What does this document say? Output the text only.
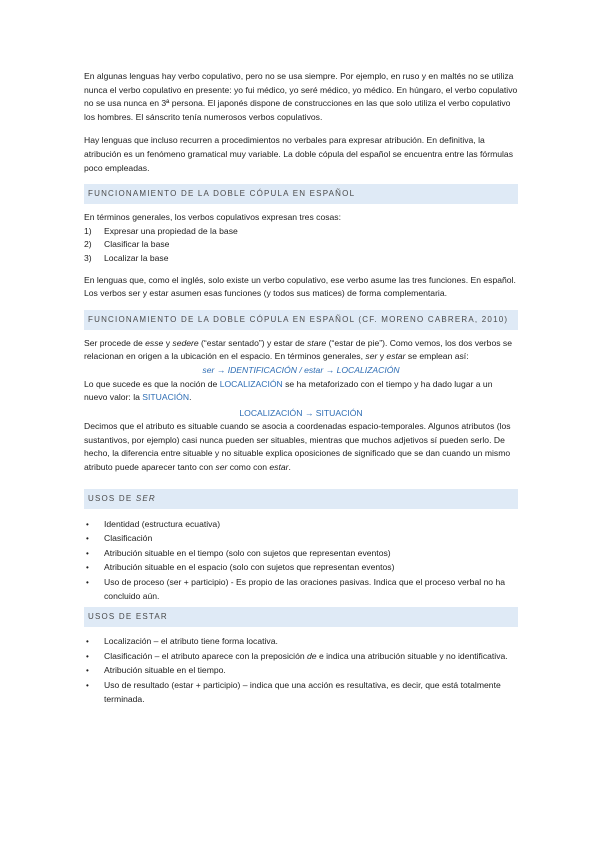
En algunas lenguas hay verbo copulativo, pero no se usa siempre. Por ejemplo, en ruso y en maltés no se utiliza nunca el verbo copulativo en presente: yo fui médico, yo seré médico, yo médico. En húngaro, el verbo copulativo no se usa nunca en 3ª persona. El japonés dispone de construcciones en las que solo utiliza el verbo copulativo los hombres. El sánscrito tenía numerosos verbos copulativos.

Hay lenguas que incluso recurren a procedimientos no verbales para expresar atribución. En definitiva, la atribución es un fenómeno gramatical muy variable. La doble cópula del español se encuentra entre las fórmulas poco empleadas.

FUNCIONAMIENTO DE LA DOBLE CÓPULA EN ESPAÑOL

En términos generales, los verbos copulativos expresan tres cosas:

1) Expresar una propiedad de la base
2) Clasificar la base
3) Localizar la base

En lenguas que, como el inglés, solo existe un verbo copulativo, ese verbo asume las tres funciones. En español. Los verbos ser y estar asumen esas funciones (y todos sus matices) de forma complementaria.

FUNCIONAMIENTO DE LA DOBLE CÓPULA EN ESPAÑOL (CF. MORENO CABRERA, 2010)

Ser procede de esse y sedere (“estar sentado”) y estar de stare (“estar de pie”). Como vemos, los dos verbos se relacionan en origen a la ubicación en el espacio. En términos generales, ser y estar se emplean así:

ser → IDENTIFICACIÓN / estar → LOCALIZACIÓN

Lo que sucede es que la noción de LOCALIZACIÓN se ha metaforizado con el tiempo y ha dado lugar a un nuevo valor: la SITUACIÓN.

LOCALIZACIÓN → SITUACIÓN

Decimos que el atributo es situable cuando se asocia a coordenadas espacio-temporales. Algunos atributos (los sustantivos, por ejemplo) casi nunca pueden ser situables, mientras que muchos adjetivos sí pueden serlo. De hecho, la diferencia entre situable y no situable explica oposiciones de significado que se dan cuando un mismo atributo puede aparecer tanto con ser como con estar.

USOS DE SER
• Identidad (estructura ecuativa)
• Clasificación
• Atribución situable en el tiempo (solo con sujetos que representan eventos)
• Atribución situable en el espacio (solo con sujetos que representan eventos)
• Uso de proceso (ser + participio) - Es propio de las oraciones pasivas. Indica que el proceso verbal no ha concluido aún.
USOS DE ESTAR
• Localización – el atributo tiene forma locativa.
• Clasificación – el atributo aparece con la preposición de e indica una atribución situable y no identificativa.
• Atribución situable en el tiempo.
• Uso de resultado (estar + participio) – indica que una acción es resultativa, es decir, que está totalmente terminada.
